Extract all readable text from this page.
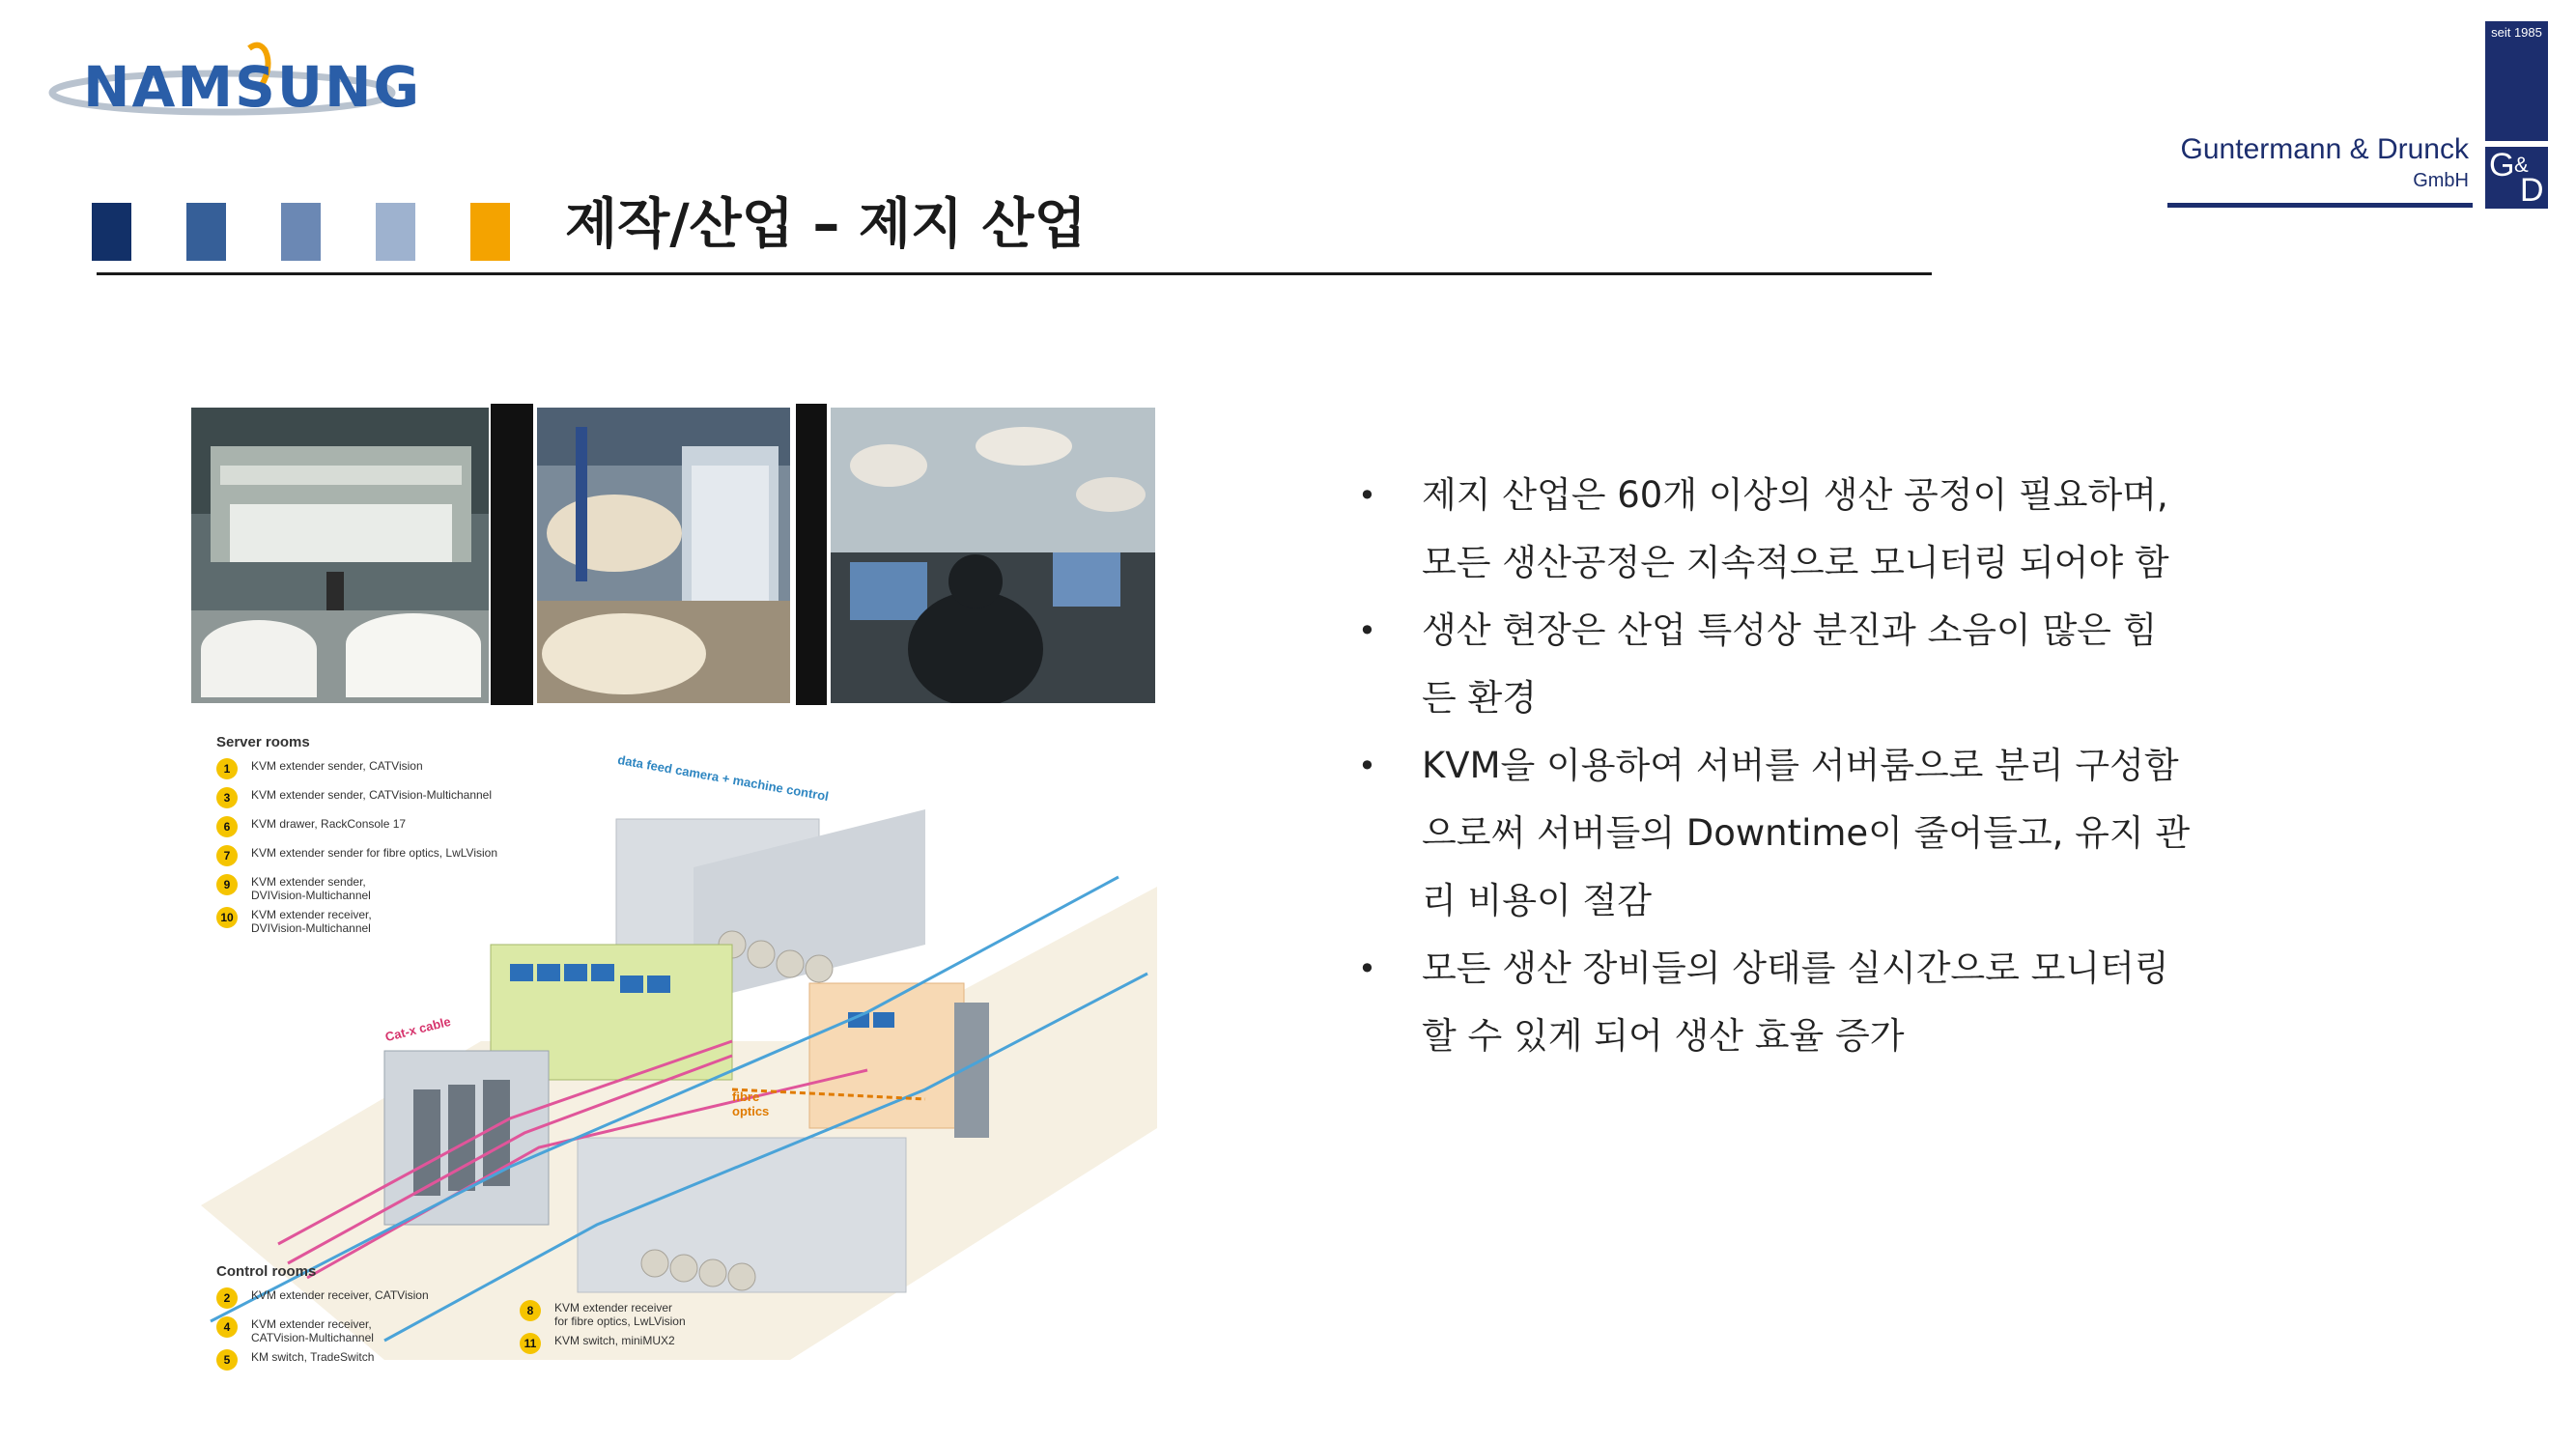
NAMSUNG
제작/산업 – 제지 산업
Guntermann & Drunck
GmbH
seit 1985
G &
D
Server rooms
1	KVM extender sender, CATVision
3	KVM extender sender, CATVision-Multichannel
6	KVM drawer, RackConsole 17
7	KVM extender sender for fibre optics, LwLVision
9	KVM extender sender,
DVIVision-Multichannel
10	KVM extender receiver,
DVIVision-Multichannel
Control rooms
2	KVM extender receiver, CATVision
4	KVM extender receiver,
CATVision-Multichannel
5	KM switch, TradeSwitch
8	KVM extender receiver
for fibre optics, LwLVision
11	KVM switch, miniMUX2
data feed camera + machine control
Cat-x cable
fibre
optics
• 제지 산업은 60개 이상의 생산 공정이 필요하며,
모든 생산공정은 지속적으로 모니터링 되어야 함
• 생산 현장은 산업 특성상 분진과 소음이 많은 힘
든 환경
• KVM을 이용하여 서버를 서버룸으로 분리 구성함
으로써 서버들의 Downtime이 줄어들고, 유지 관
리 비용이 절감
• 모든 생산 장비들의 상태를 실시간으로 모니터링
할 수 있게 되어 생산 효율 증가
